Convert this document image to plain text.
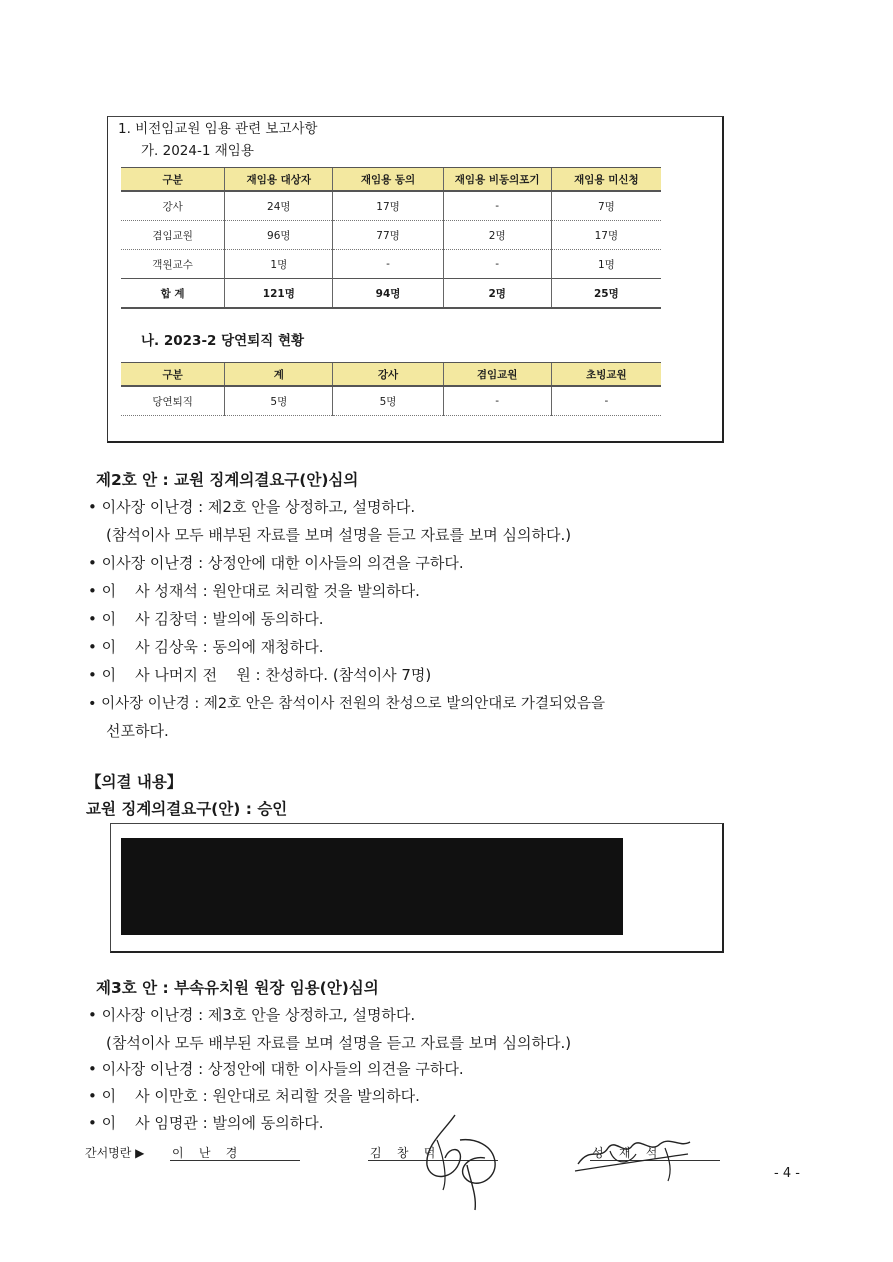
1. 비전임교원 임용 관련 보고사항
가. 2024-1 재임용
구분	재임용 대상자	재임용 동의	재임용 비동의포기	재임용 미신청
강사	24명	17명	-	7명
겸임교원	96명	77명	2명	17명
객원교수	1명	-	-	1명
합 계	121명	94명	2명	25명
나. 2023-2 당연퇴직 현황
구분	계	강사	겸임교원	초빙교원
당연퇴직	5명	5명	-	-
제2호 안 : 교원 징계의결요구(안)심의
• 이사장 이난경 : 제2호 안을 상정하고, 설명하다.
(참석이사 모두 배부된 자료를 보며 설명을 듣고 자료를 보며 심의하다.)
• 이사장 이난경 : 상정안에 대한 이사들의 의견을 구하다.
• 이    사 성재석 : 원안대로 처리할 것을 발의하다.
• 이    사 김창덕 : 발의에 동의하다.
• 이    사 김상욱 : 동의에 재청하다.
• 이    사 나머지 전    원 : 찬성하다. (참석이사 7명)
• 이사장 이난경 : 제2호 안은 참석이사 전원의 찬성으로 발의안대로 가결되었음을
선포하다.
【의결 내용】
교원 징계의결요구(안) : 승인
제3호 안 : 부속유치원 원장 임용(안)심의
• 이사장 이난경 : 제3호 안을 상정하고, 설명하다.
(참석이사 모두 배부된 자료를 보며 설명을 듣고 자료를 보며 심의하다.)
• 이사장 이난경 : 상정안에 대한 이사들의 의견을 구하다.
• 이    사 이만호 : 원안대로 처리할 것을 발의하다.
• 이    사 임명관 : 발의에 동의하다.
간서명란 ▶ 이    난    경	김    창    덕	성    재    석
- 4 -
